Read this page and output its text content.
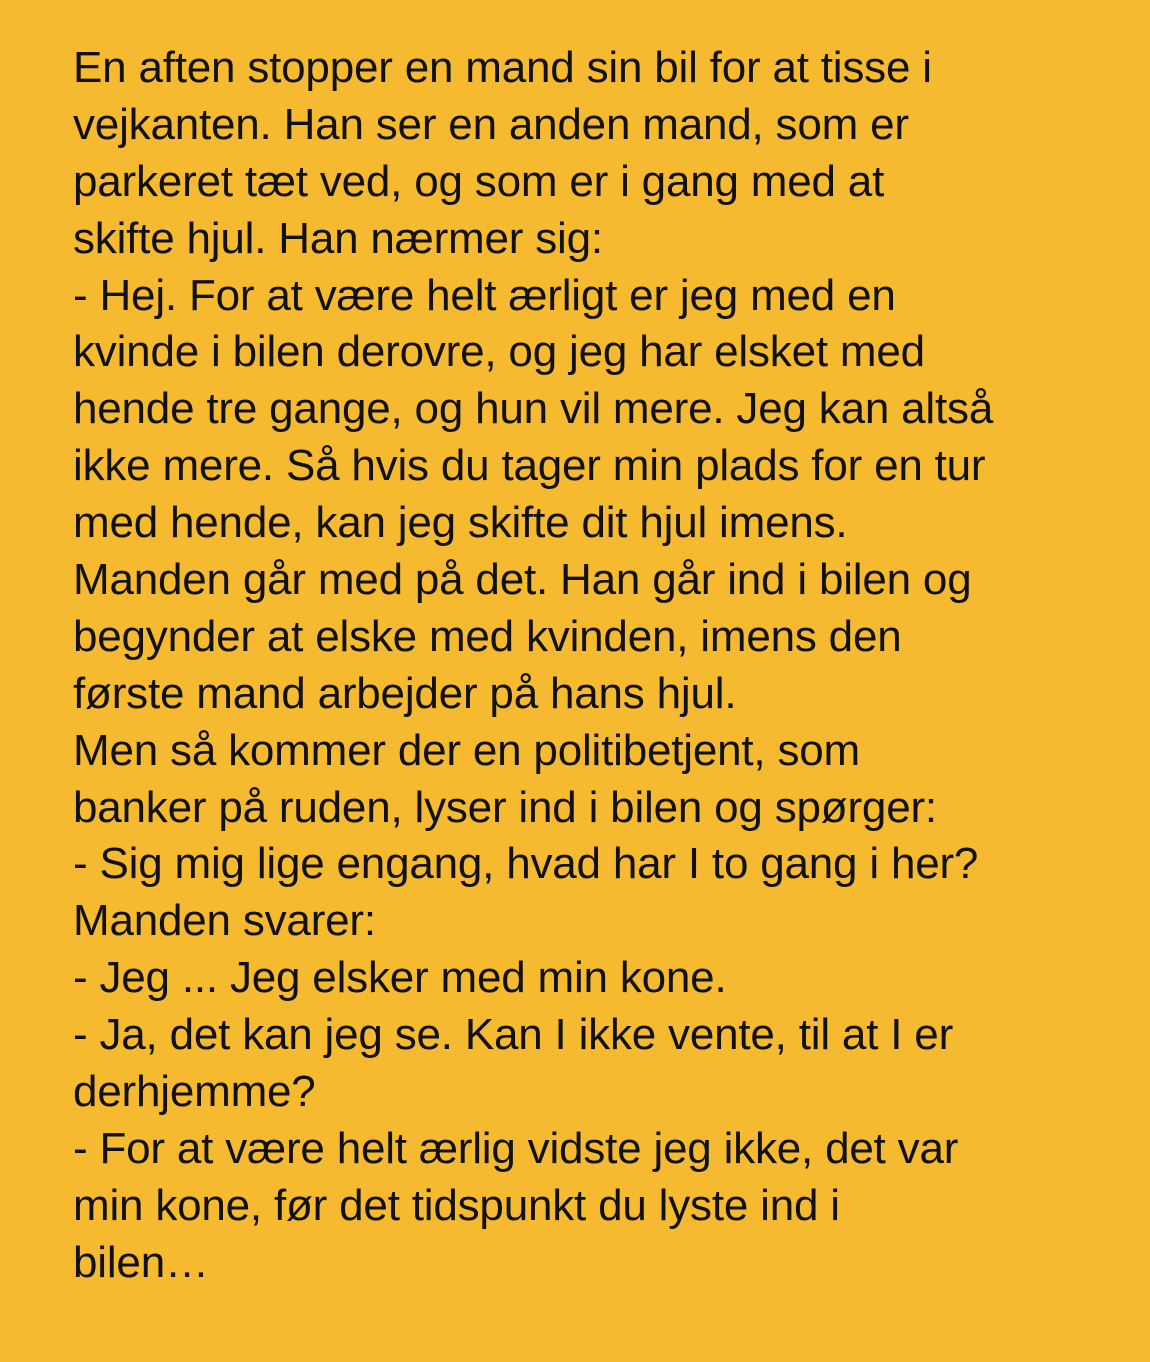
En aften stopper en mand sin bil for at tisse i
vejkanten. Han ser en anden mand, som er
parkeret tæt ved, og som er i gang med at
skifte hjul. Han nærmer sig:
- Hej. For at være helt ærligt er jeg med en
kvinde i bilen derovre, og jeg har elsket med
hende tre gange, og hun vil mere. Jeg kan altså
ikke mere. Så hvis du tager min plads for en tur
med hende, kan jeg skifte dit hjul imens.
Manden går med på det. Han går ind i bilen og
begynder at elske med kvinden, imens den
første mand arbejder på hans hjul.
Men så kommer der en politibetjent, som
banker på ruden, lyser ind i bilen og spørger:
- Sig mig lige engang, hvad har I to gang i her?
Manden svarer:
- Jeg ... Jeg elsker med min kone.
- Ja, det kan jeg se. Kan I ikke vente, til at I er
derhjemme?
- For at være helt ærlig vidste jeg ikke, det var
min kone, før det tidspunkt du lyste ind i
bilen…
